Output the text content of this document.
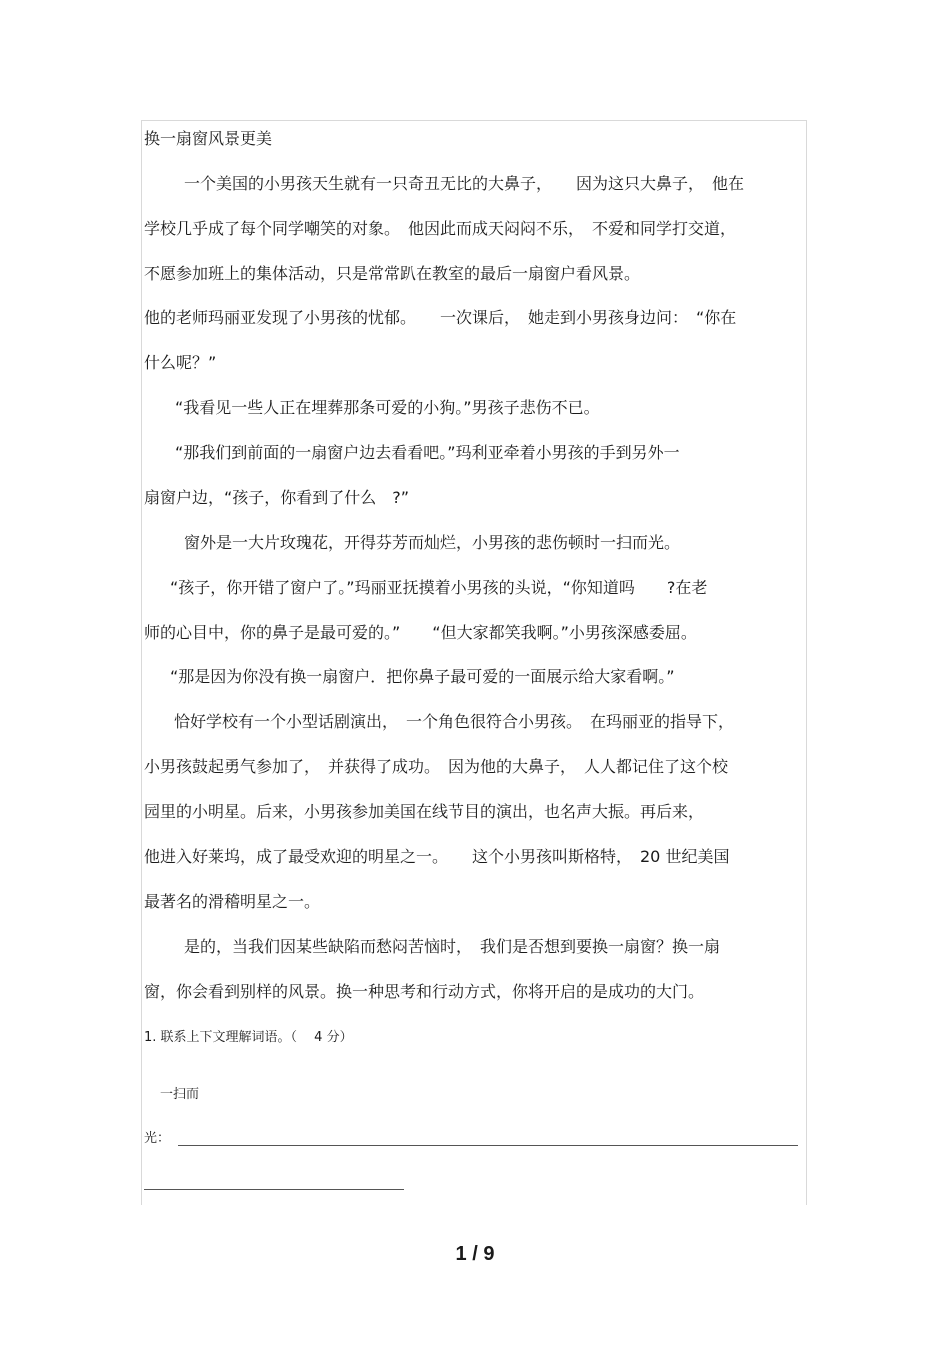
换一扇窗风景更美
一个美国的小男孩天生就有一只奇丑无比的大鼻子，　　因为这只大鼻子，　他在
学校几乎成了每个同学嘲笑的对象。　他因此而成天闷闷不乐，　不爱和同学打交道，
不愿参加班上的集体活动，只是常常趴在教室的最后一扇窗户看风景。
他的老师玛丽亚发现了小男孩的忧郁。　　一次课后，　她走到小男孩身边问：　“你在
什么呢？”
“我看见一些人正在埋葬那条可爱的小狗。”男孩子悲伤不已。
“那我们到前面的一扇窗户边去看看吧。”玛利亚牵着小男孩的手到另外一
扇窗户边，“孩子，你看到了什么　?”
窗外是一大片玫瑰花，开得芬芳而灿烂，小男孩的悲伤顿时一扫而光。
“孩子，你开错了窗户了。”玛丽亚抚摸着小男孩的头说，“你知道吗　　?在老
师的心目中，你的鼻子是最可爱的。”　　“但大家都笑我啊。”小男孩深感委屈。
“那是因为你没有换一扇窗户．把你鼻子最可爱的一面展示给大家看啊。”
恰好学校有一个小型话剧演出，　一个角色很符合小男孩。　在玛丽亚的指导下，
小男孩鼓起勇气参加了，　并获得了成功。　因为他的大鼻子，　人人都记住了这个校
园里的小明星。后来，小男孩参加美国在线节目的演出，也名声大振。再后来，
他进入好莱坞，成了最受欢迎的明星之一。　　这个小男孩叫斯格特，　20 世纪美国
最著名的滑稽明星之一。
是的，当我们因某些缺陷而愁闷苦恼时，　我们是否想到要换一扇窗？换一扇
窗，你会看到别样的风景。换一种思考和行动方式，你将开启的是成功的大门。
1. 联系上下文理解词语。（　 4 分）
一扫而
光：
1 / 9
